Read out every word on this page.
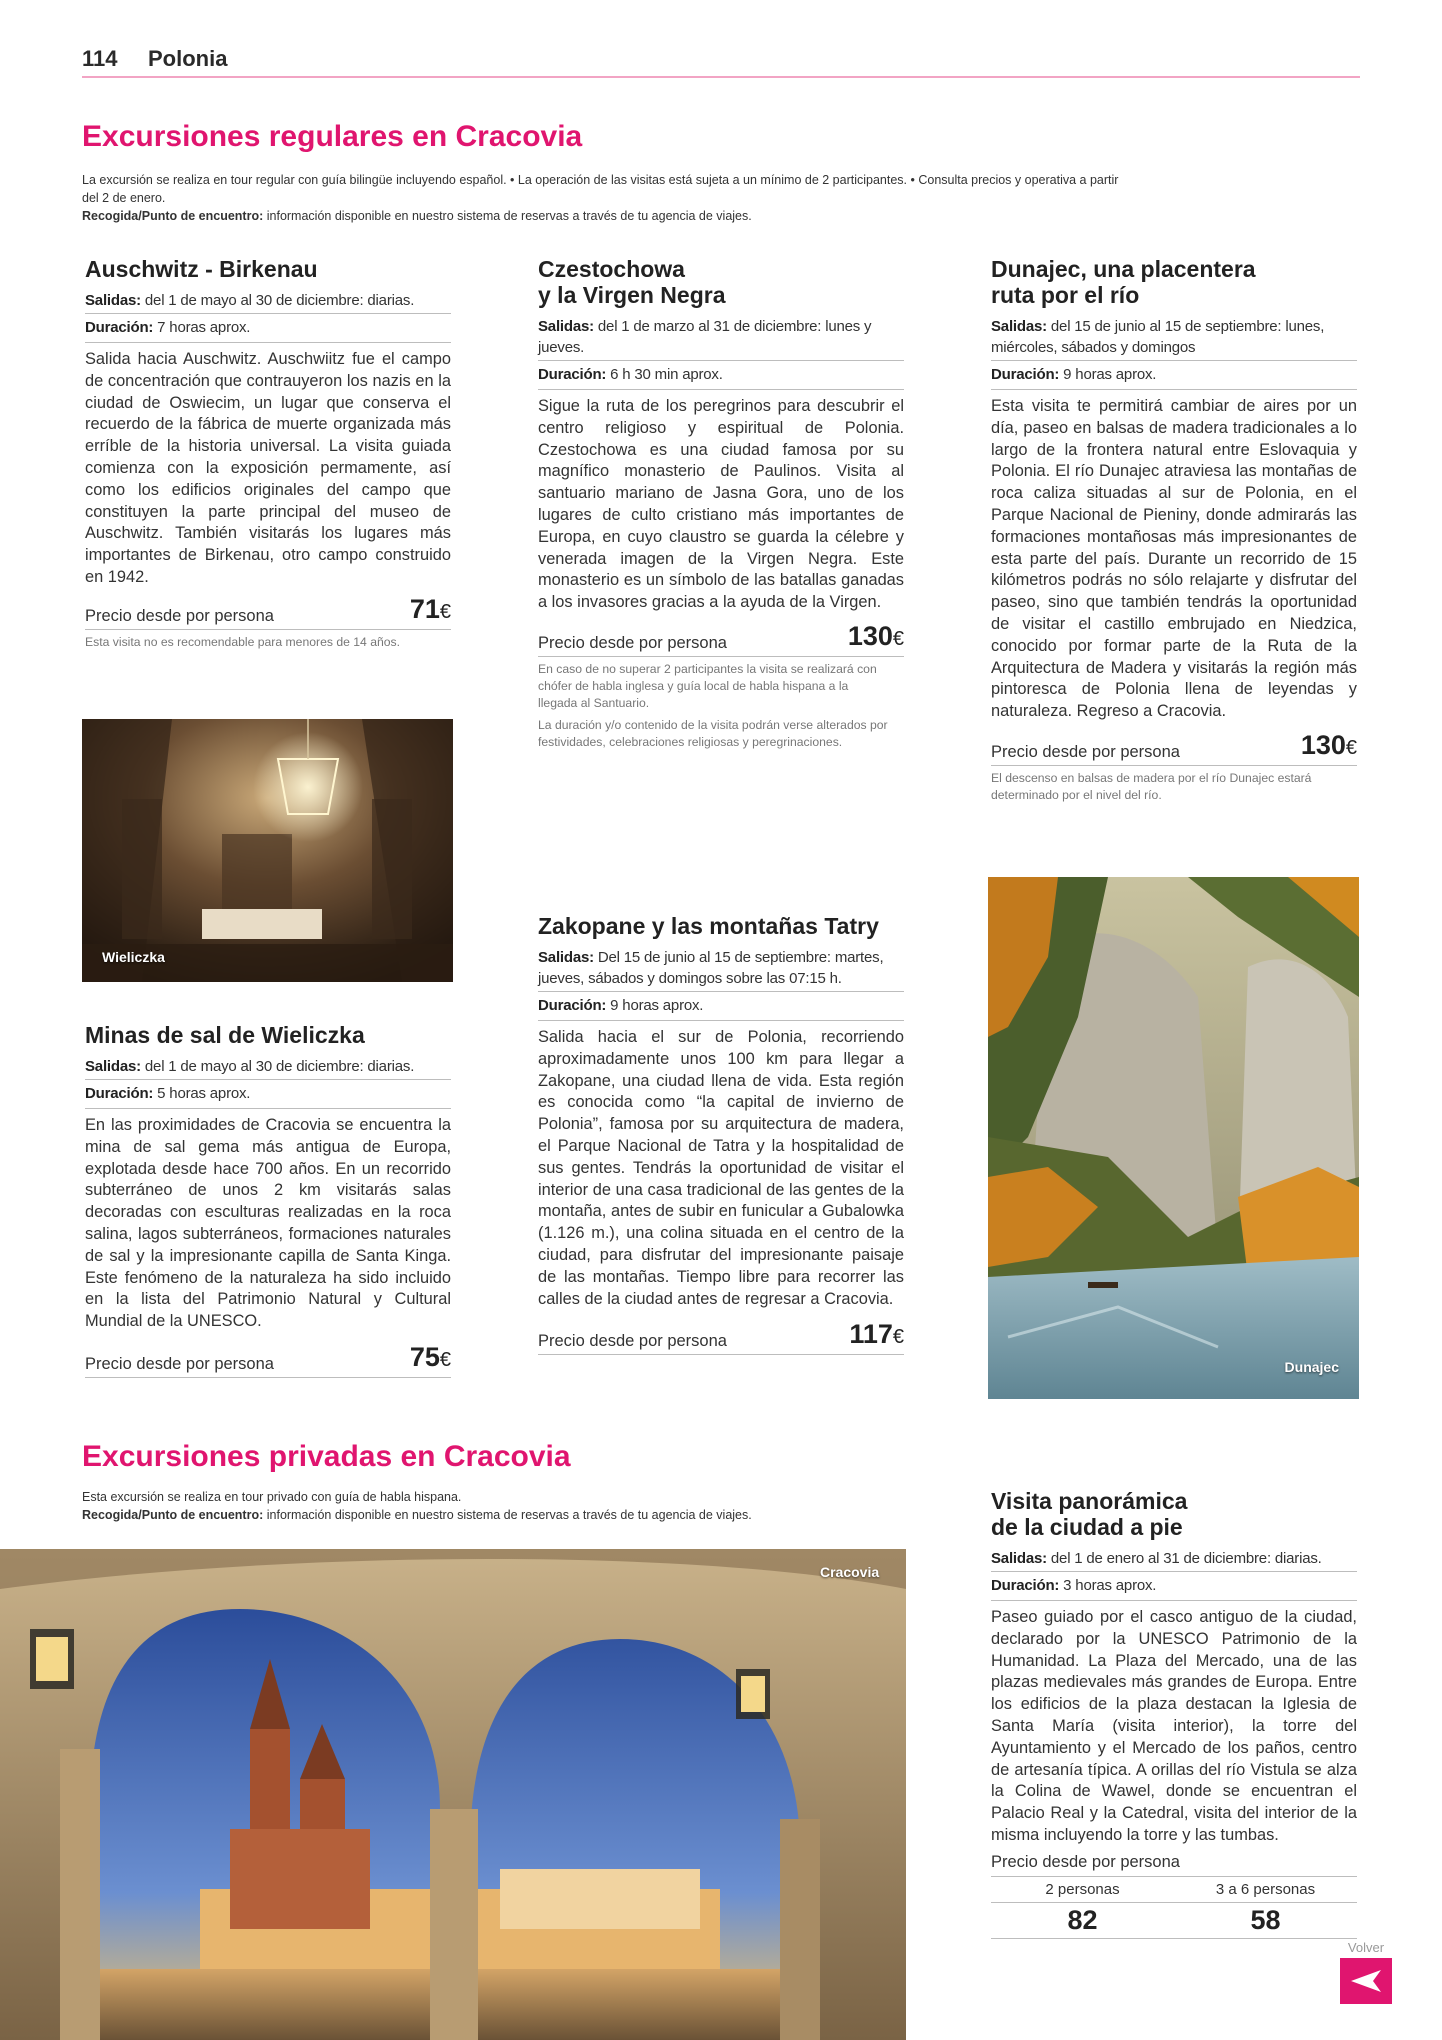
114 Polonia
Excursiones regulares en Cracovia
La excursión se realiza en tour regular con guía bilingüe incluyendo español. • La operación de las visitas está sujeta a un mínimo de 2 participantes. • Consulta precios y operativa a partir
del 2 de enero.
Recogida/Punto de encuentro: información disponible en nuestro sistema de reservas a través de tu agencia de viajes.
Auschwitz - Birkenau
Salidas: del 1 de mayo al 30 de diciembre: diarias.
Duración: 7 horas aprox.
Salida hacia Auschwitz. Auschwiitz fue el campo de concentración que contrauyeron los nazis en la ciudad de Oswiecim, un lugar que conserva el recuerdo de la fábrica de muerte organizada más erríble de la historia universal. La visita guiada comienza con la exposición permamente, así como los edificios originales del campo que constituyen la parte principal del museo de Auschwitz. También visitarás los lugares más importantes de Birkenau, otro campo construido en 1942.
Precio desde por persona	71€
Esta visita no es recomendable para menores de 14 años.
Wieliczka
Minas de sal de Wieliczka
Salidas: del 1 de mayo al 30 de diciembre: diarias.
Duración: 5 horas aprox.
En las proximidades de Cracovia se encuentra la mina de sal gema más antigua de Europa, explotada desde hace 700 años. En un recorrido subterráneo de unos 2 km visitarás salas decoradas con esculturas realizadas en la roca salina, lagos subterráneos, formaciones naturales de sal y la impresionante capilla de Santa Kinga. Este fenómeno de la naturaleza ha sido incluido en la lista del Patrimonio Natural y Cultural Mundial de la UNESCO.
Precio desde por persona	75€
Czestochowa
y la Virgen Negra
Salidas: del 1 de marzo al 31 de diciembre: lunes y jueves.
Duración: 6 h 30 min aprox.
Sigue la ruta de los peregrinos para descubrir el centro religioso y espiritual de Polonia. Czestochowa es una ciudad famosa por su magnífico monasterio de Paulinos. Visita al santuario mariano de Jasna Gora, uno de los lugares de culto cristiano más importantes de Europa, en cuyo claustro se guarda la célebre y venerada imagen de la Virgen Negra. Este monasterio es un símbolo de las batallas ganadas a los invasores gracias a la ayuda de la Virgen.
Precio desde por persona	130€
En caso de no superar 2 participantes la visita se realizará con chófer de habla inglesa y guía local de habla hispana a la llegada al Santuario.
La duración y/o contenido de la visita podrán verse alterados por festividades, celebraciones religiosas y peregrinaciones.
Zakopane y las montañas Tatry
Salidas: Del 15 de junio al 15 de septiembre: martes, jueves, sábados y domingos sobre las 07:15 h.
Duración: 9 horas aprox.
Salida hacia el sur de Polonia, recorriendo aproximadamente unos 100 km para llegar a Zakopane, una ciudad llena de vida. Esta región es conocida como “la capital de invierno de Polonia”, famosa por su arquitectura de madera, el Parque Nacional de Tatra y la hospitalidad de sus gentes. Tendrás la oportunidad de visitar el interior de una casa tradicional de las gentes de la montaña, antes de subir en funicular a Gubalowka (1.126 m.), una colina situada en el centro de la ciudad, para disfrutar del impresionante paisaje de las montañas. Tiempo libre para recorrer las calles de la ciudad antes de regresar a Cracovia.
Precio desde por persona	117€
Dunajec, una placentera
ruta por el río
Salidas: del 15 de junio al 15 de septiembre: lunes, miércoles, sábados y domingos
Duración: 9 horas aprox.
Esta visita te permitirá cambiar de aires por un día, paseo en balsas de madera tradicionales a lo largo de la frontera natural entre Eslovaquia y Polonia. El río Dunajec atraviesa las montañas de roca caliza situadas al sur de Polonia, en el Parque Nacional de Pieniny, donde admirarás las formaciones montañosas más impresionantes de esta parte del país. Durante un recorrido de 15 kilómetros podrás no sólo relajarte y disfrutar del paseo, sino que también tendrás la oportunidad de visitar el castillo embrujado en Niedzica, conocido por formar parte de la Ruta de la Arquitectura de Madera y visitarás la región más pintoresca de Polonia llena de leyendas y naturaleza. Regreso a Cracovia.
Precio desde por persona	130€
El descenso en balsas de madera por el río Dunajec estará determinado por el nivel del río.
Dunajec
Excursiones privadas en Cracovia
Esta excursión se realiza en tour privado con guía de habla hispana.
Recogida/Punto de encuentro: información disponible en nuestro sistema de reservas a través de tu agencia de viajes.
Cracovia
Visita panorámica
de la ciudad a pie
Salidas: del 1 de enero al 31 de diciembre: diarias.
Duración: 3 horas aprox.
Paseo guiado por el casco antiguo de la ciudad, declarado por la UNESCO Patrimonio de la Humanidad. La Plaza del Mercado, una de las plazas medievales más grandes de Europa. Entre los edificios de la plaza destacan la Iglesia de Santa María (visita interior), la torre del Ayuntamiento y el Mercado de los paños, centro de artesanía típica. A orillas del río Vistula se alza la Colina de Wawel, donde se encuentran el Palacio Real y la Catedral, visita del interior de la misma incluyendo la torre y las tumbas.
Precio desde por persona
2 personas	3 a 6 personas
82	58
Volver
